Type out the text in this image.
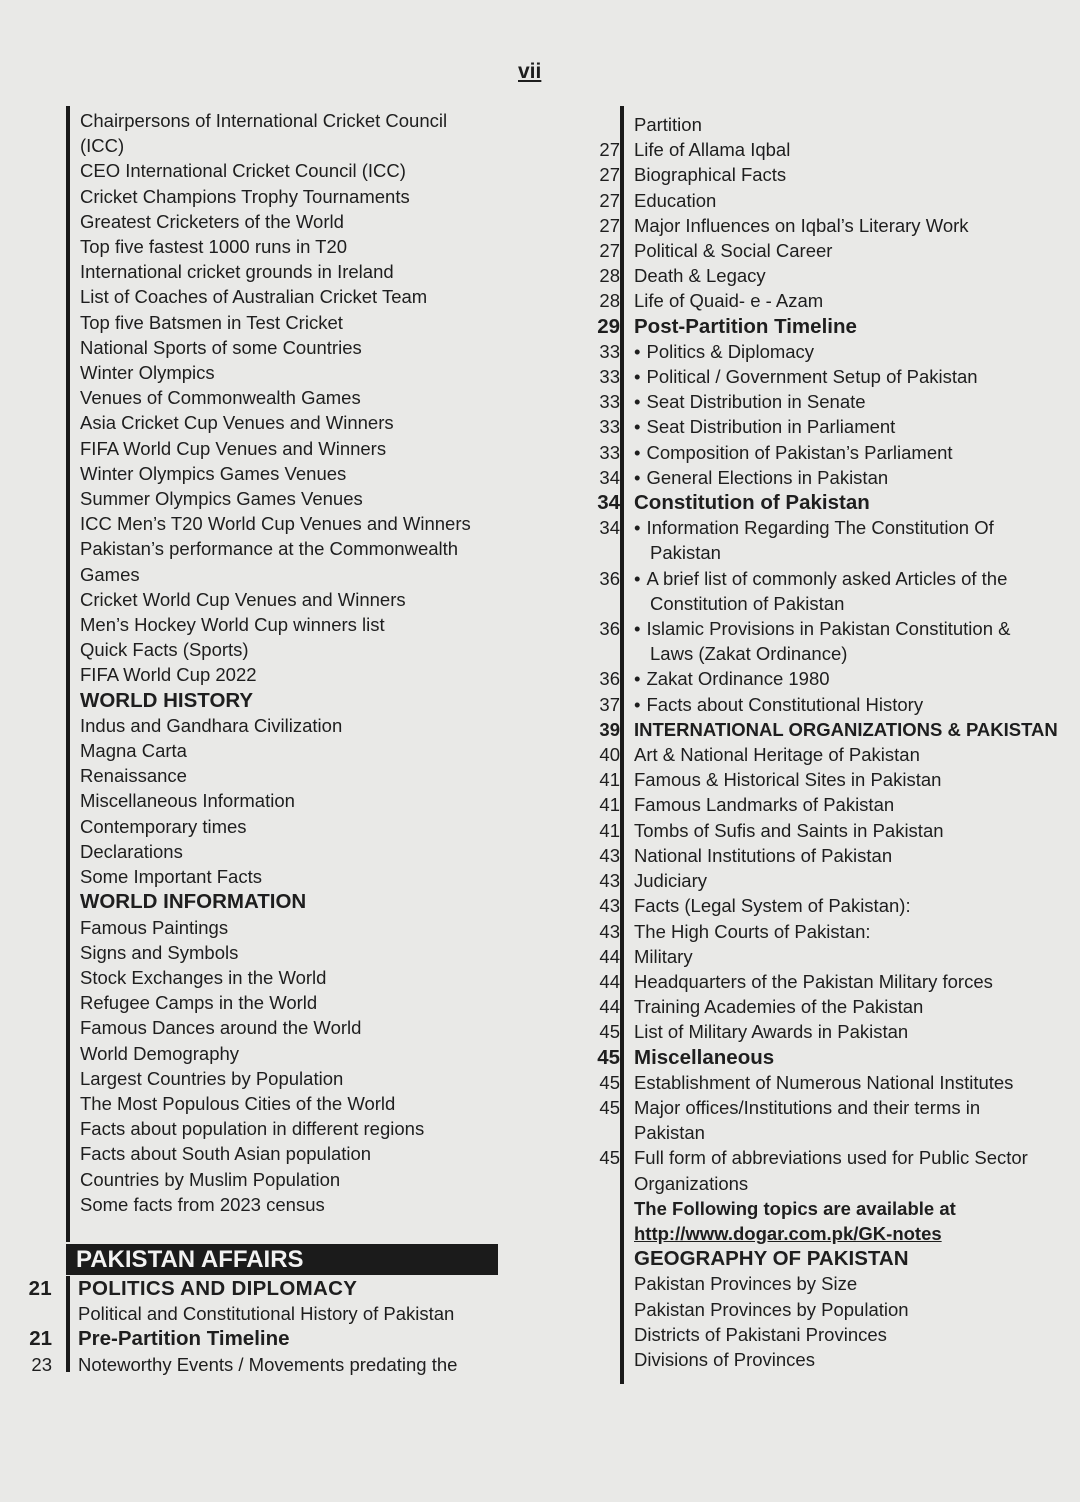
vii
Chairpersons of International Cricket Council
(ICC)
CEO International Cricket Council (ICC)
Cricket Champions Trophy Tournaments
Greatest Cricketers of the World
Top five fastest 1000 runs in T20
International cricket grounds in Ireland
List of Coaches of Australian Cricket Team
Top five Batsmen in Test Cricket
National Sports of some Countries
Winter Olympics
Venues of Commonwealth Games
Asia Cricket Cup Venues and Winners
FIFA World Cup Venues and Winners
Winter Olympics Games Venues
Summer Olympics Games Venues
ICC Men’s T20 World Cup Venues and Winners
Pakistan’s performance at the Commonwealth
Games
Cricket World Cup Venues and Winners
Men’s Hockey World Cup winners list
Quick Facts (Sports)
FIFA World Cup 2022
WORLD HISTORY
Indus and Gandhara Civilization
Magna Carta
Renaissance
Miscellaneous Information
Contemporary times
Declarations
Some Important Facts
WORLD INFORMATION
Famous Paintings
Signs and Symbols
Stock Exchanges in the World
Refugee Camps in the World
Famous Dances around the World
World Demography
Largest Countries by Population
The Most Populous Cities of the World
Facts about population in different regions
Facts about South Asian population
Countries by Muslim Population
Some facts from 2023 census
PAKISTAN AFFAIRS
21 POLITICS AND DIPLOMACY
Political and Constitutional History of Pakistan
21 Pre-Partition Timeline
23 Noteworthy Events / Movements predating the
Partition
27 Life of Allama Iqbal
27 Biographical Facts
27 Education
27 Major Influences on Iqbal’s Literary Work
27 Political & Social Career
28 Death & Legacy
28 Life of Quaid- e - Azam
29 Post-Partition Timeline
33 • Politics & Diplomacy
33 • Political / Government Setup of Pakistan
33 • Seat Distribution in Senate
33 • Seat Distribution in Parliament
33 • Composition of Pakistan’s Parliament
34 • General Elections in Pakistan
34 Constitution of Pakistan
34 • Information Regarding The Constitution Of
Pakistan
36 • A brief list of commonly asked Articles of the
Constitution of Pakistan
36 • Islamic Provisions in Pakistan Constitution &
Laws (Zakat Ordinance)
36 • Zakat Ordinance 1980
37 • Facts about Constitutional History
39 INTERNATIONAL ORGANIZATIONS & PAKISTAN
40 Art & National Heritage of Pakistan
41 Famous & Historical Sites in Pakistan
41 Famous Landmarks of Pakistan
41 Tombs of Sufis and Saints in Pakistan
43 National Institutions of Pakistan
43 Judiciary
43 Facts (Legal System of Pakistan):
43 The High Courts of Pakistan:
44 Military
44 Headquarters of the Pakistan Military forces
44 Training Academies of the Pakistan
45 List of Military Awards in Pakistan
45 Miscellaneous
45 Establishment of Numerous National Institutes
45 Major offices/Institutions and their terms in
Pakistan
45 Full form of abbreviations used for Public Sector
Organizations
The Following topics are available at
http://www.dogar.com.pk/GK-notes
GEOGRAPHY OF PAKISTAN
Pakistan Provinces by Size
Pakistan Provinces by Population
Districts of Pakistani Provinces
Divisions of Provinces
